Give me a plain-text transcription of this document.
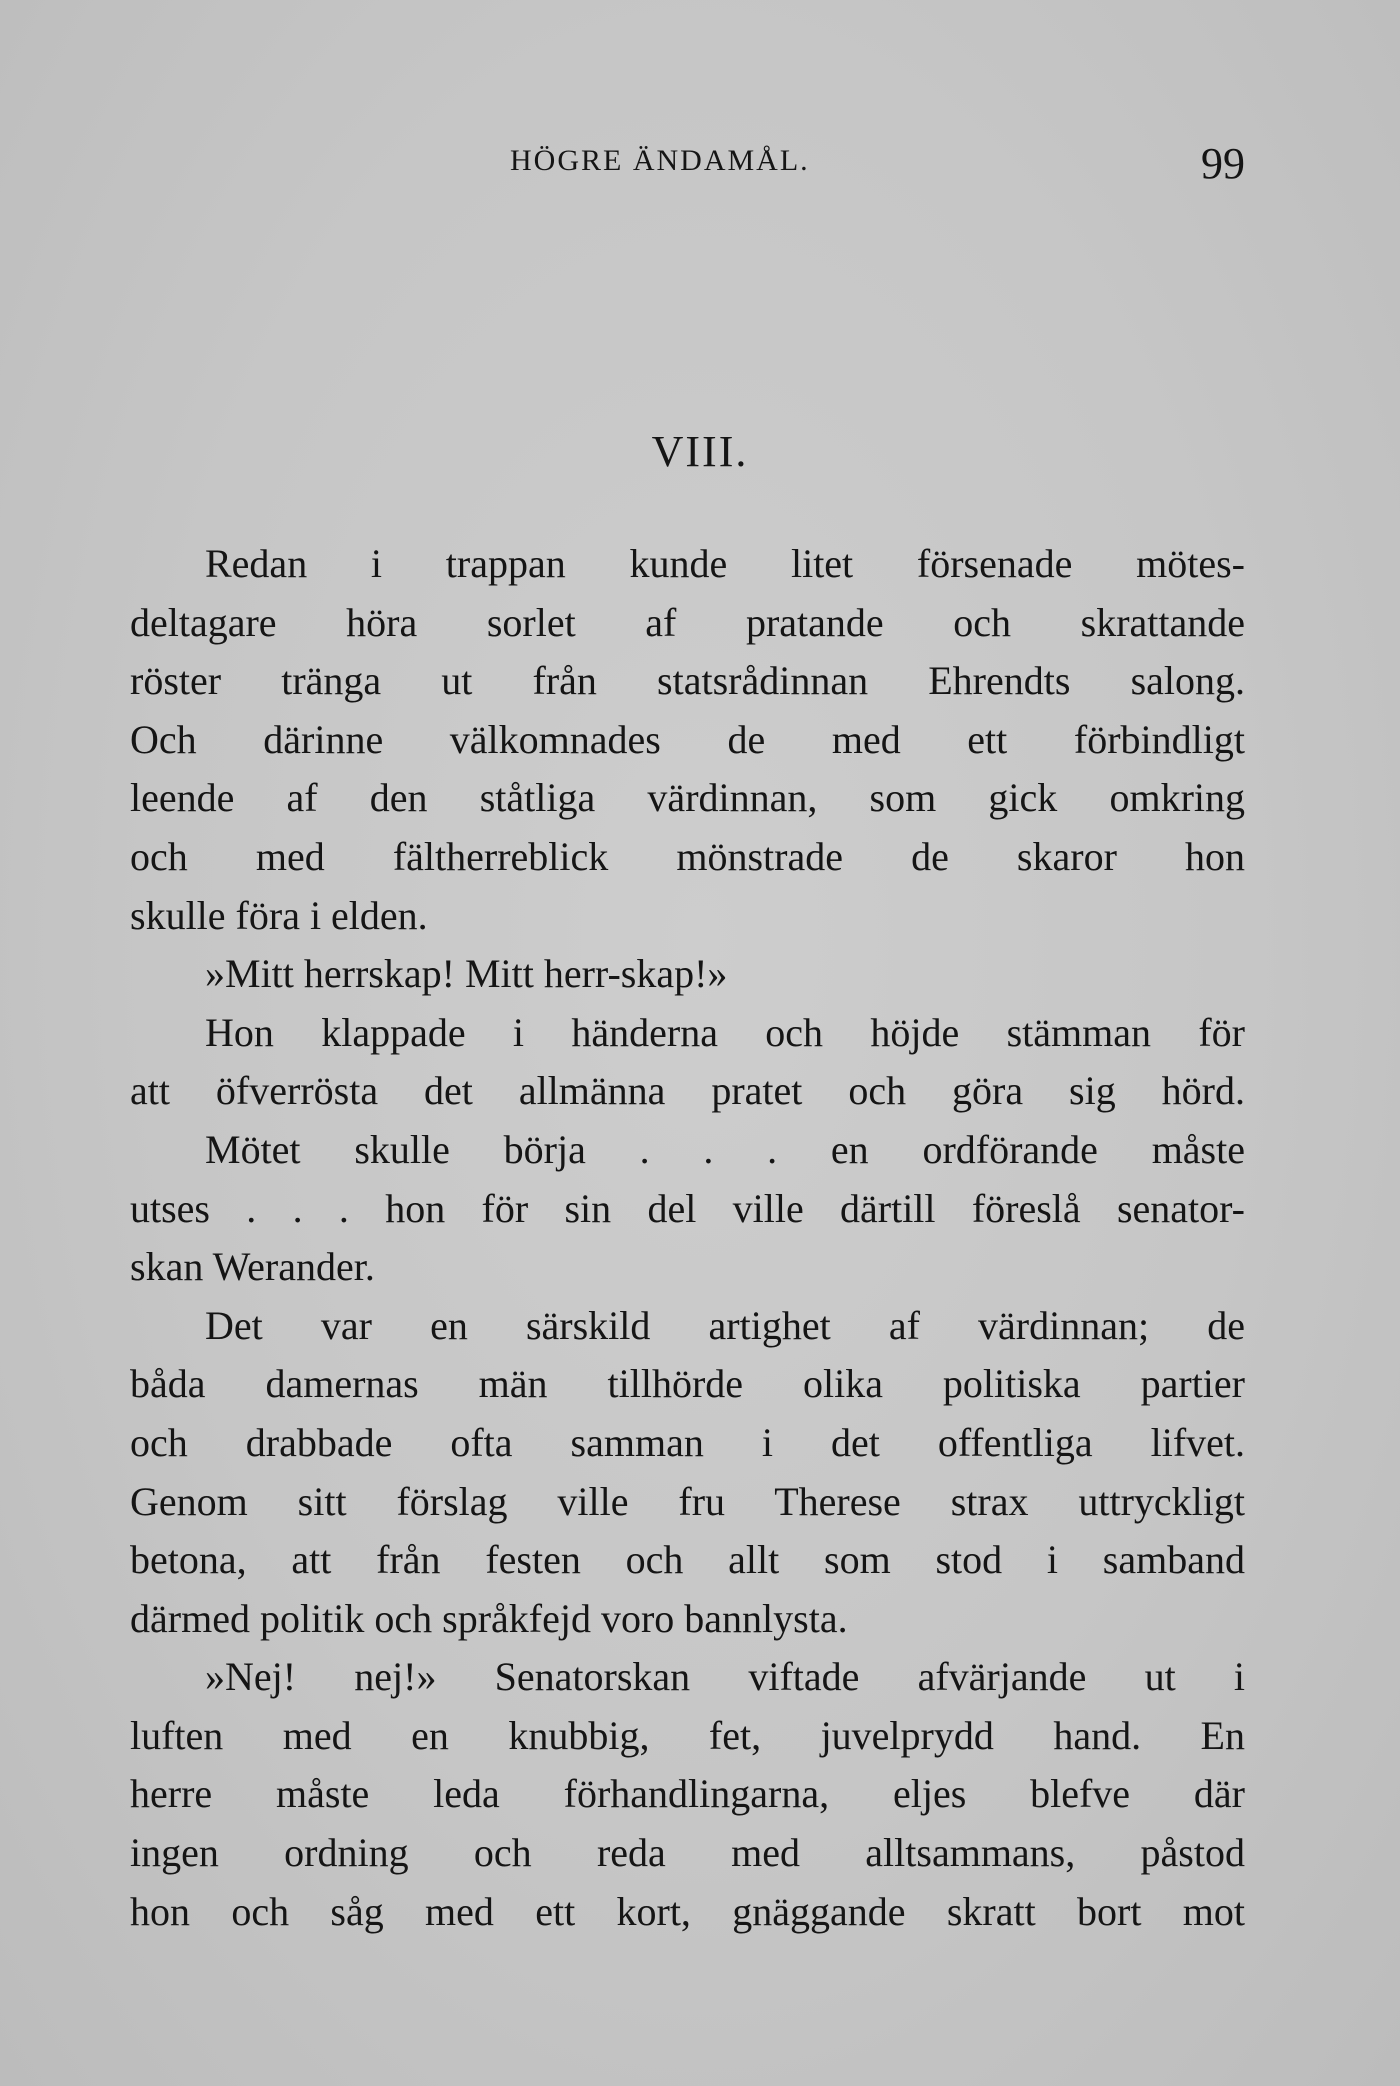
HÖGRE ÄNDAMÅL.	99
VIII.
Redan i trappan kunde litet försenade mötes-
deltagare höra sorlet af pratande och skrattande
röster tränga ut från statsrådinnan Ehrendts salong.
Och därinne välkomnades de med ett förbindligt
leende af den ståtliga värdinnan, som gick omkring
och med fältherreblick mönstrade de skaror hon
skulle föra i elden.
»Mitt herrskap! Mitt herr-skap!»
Hon klappade i händerna och höjde stämman för
att öfverrösta det allmänna pratet och göra sig hörd.
Mötet skulle börja . . . en ordförande måste
utses . . . hon för sin del ville därtill föreslå senator-
skan Werander.
Det var en särskild artighet af värdinnan; de
båda damernas män tillhörde olika politiska partier
och drabbade ofta samman i det offentliga lifvet.
Genom sitt förslag ville fru Therese strax uttryckligt
betona, att från festen och allt som stod i samband
därmed politik och språkfejd voro bannlysta.
»Nej! nej!» Senatorskan viftade afvärjande ut i
luften med en knubbig, fet, juvelprydd hand. En
herre måste leda förhandlingarna, eljes blefve där
ingen ordning och reda med alltsammans, påstod
hon och såg med ett kort, gnäggande skratt bort mot
